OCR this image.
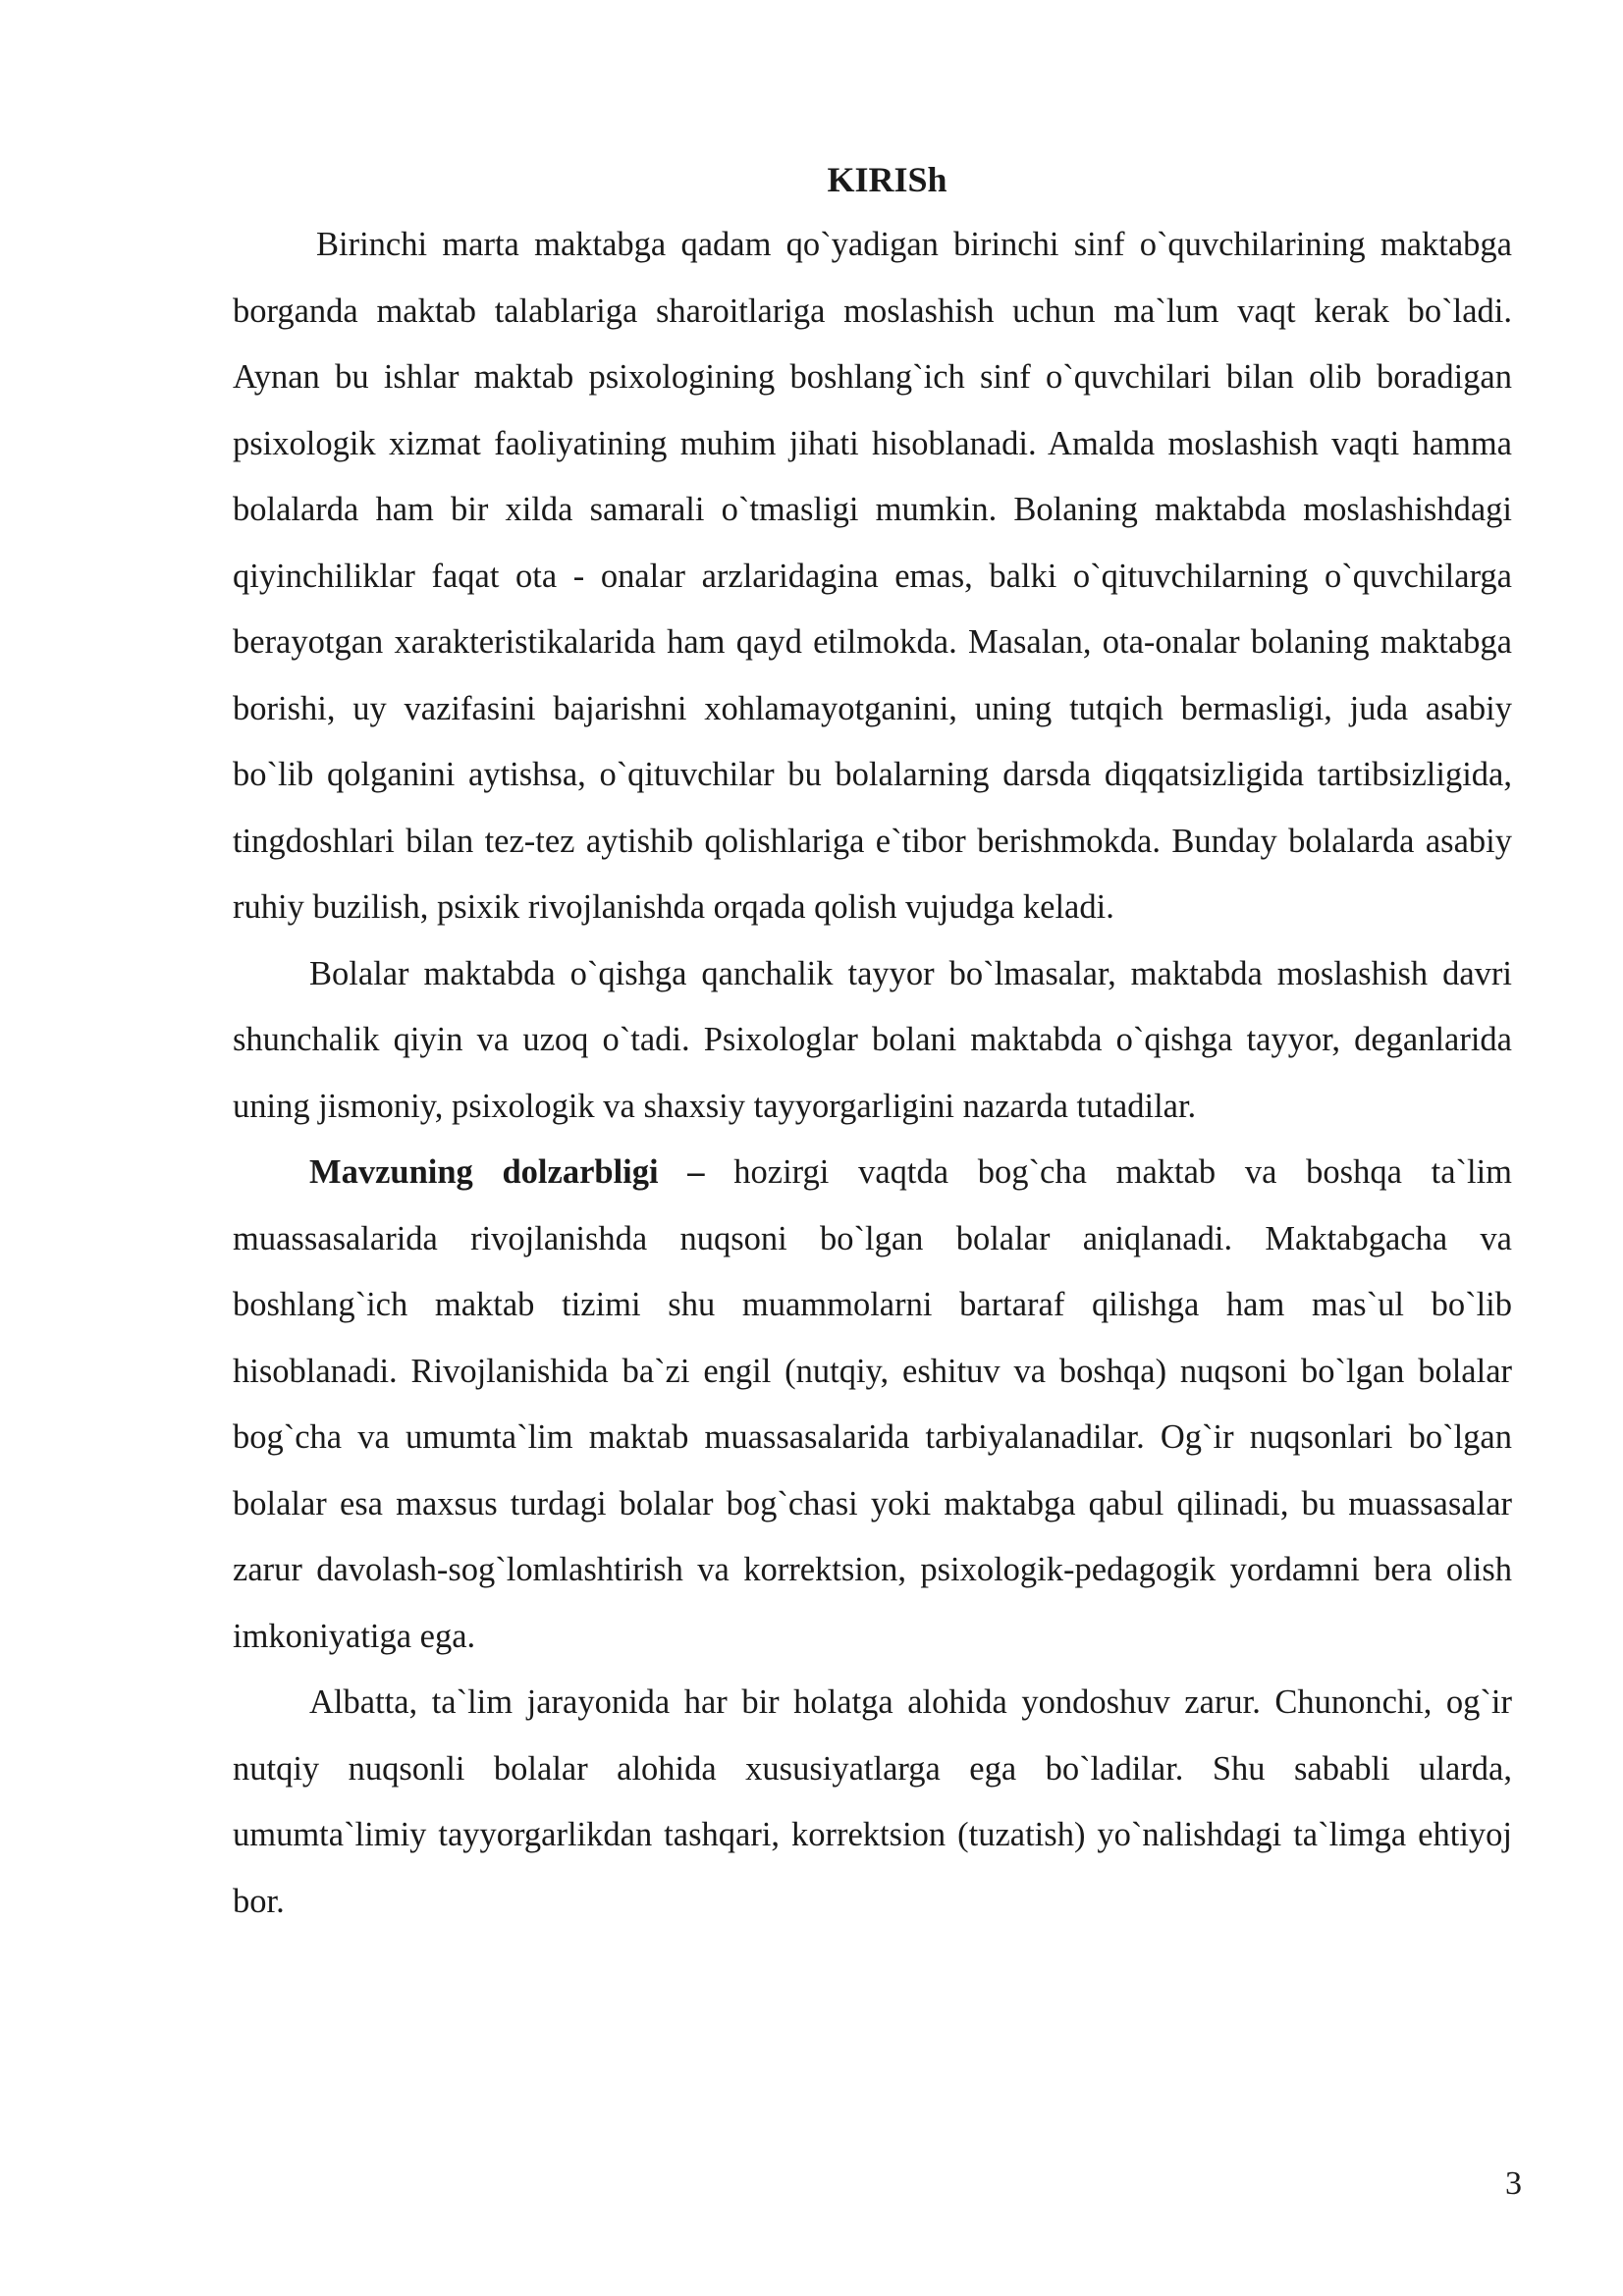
KIRISh

Birinchi marta maktabga qadam qo`yadigan birinchi sinf o`quvchilarining maktabga borganda maktab talablariga sharoitlariga moslashish uchun ma`lum vaqt kerak bo`ladi. Aynan bu ishlar maktab psixologining boshlang`ich sinf o`quvchilari bilan olib boradigan psixologik xizmat faoliyatining muhim jihati hisoblanadi. Amalda moslashish vaqti hamma bolalarda ham bir xilda samarali o`tmasligi mumkin. Bolaning maktabda moslashishdagi qiyinchiliklar faqat ota - onalar arzlaridagina emas, balki o`qituvchilarning o`quvchilarga berayotgan xarakteristikalarida ham qayd etilmokda. Masalan, ota-onalar bolaning maktabga borishi, uy vazifasini bajarishni xohlamayotganini, uning tutqich bermasligi, juda asabiy bo`lib qolganini aytishsa, o`qituvchilar bu bolalarning darsda diqqatsizligida tartibsizligida, tingdoshlari bilan tez-tez aytishib qolishlariga e`tibor berishmokda. Bunday bolalarda asabiy ruhiy buzilish, psixik rivojlanishda orqada qolish vujudga keladi.

Bolalar maktabda o`qishga qanchalik tayyor bo`lmasalar, maktabda moslashish davri shunchalik qiyin va uzoq o`tadi. Psixologlar bolani maktabda o`qishga tayyor, deganlarida uning jismoniy, psixologik va shaxsiy tayyorgarligini nazarda tutadilar.

Mavzuning dolzarbligi – hozirgi vaqtda bog`cha maktab va boshqa ta`lim muassasalarida rivojlanishda nuqsoni bo`lgan bolalar aniqlanadi. Maktabgacha va boshlang`ich maktab tizimi shu muammolarni bartaraf qilishga ham mas`ul bo`lib hisoblanadi. Rivojlanishida ba`zi engil (nutqiy, eshituv va boshqa) nuqsoni bo`lgan bolalar bog`cha va umumta`lim maktab muassasalarida tarbiyalanadilar. Og`ir nuqsonlari bo`lgan bolalar esa maxsus turdagi bolalar bog`chasi yoki maktabga qabul qilinadi, bu muassasalar zarur davolash-sog`lomlashtirish va korrektsion, psixologik-pedagogik yordamni bera olish imkoniyatiga ega.

Albatta, ta`lim jarayonida har bir holatga alohida yondoshuv zarur. Chunonchi, og`ir nutqiy nuqsonli bolalar alohida xususiyatlarga ega bo`ladilar. Shu sababli ularda, umumta`limiy tayyorgarlikdan tashqari, korrektsion (tuzatish) yo`nalishdagi ta`limga ehtiyoj bor.

3
